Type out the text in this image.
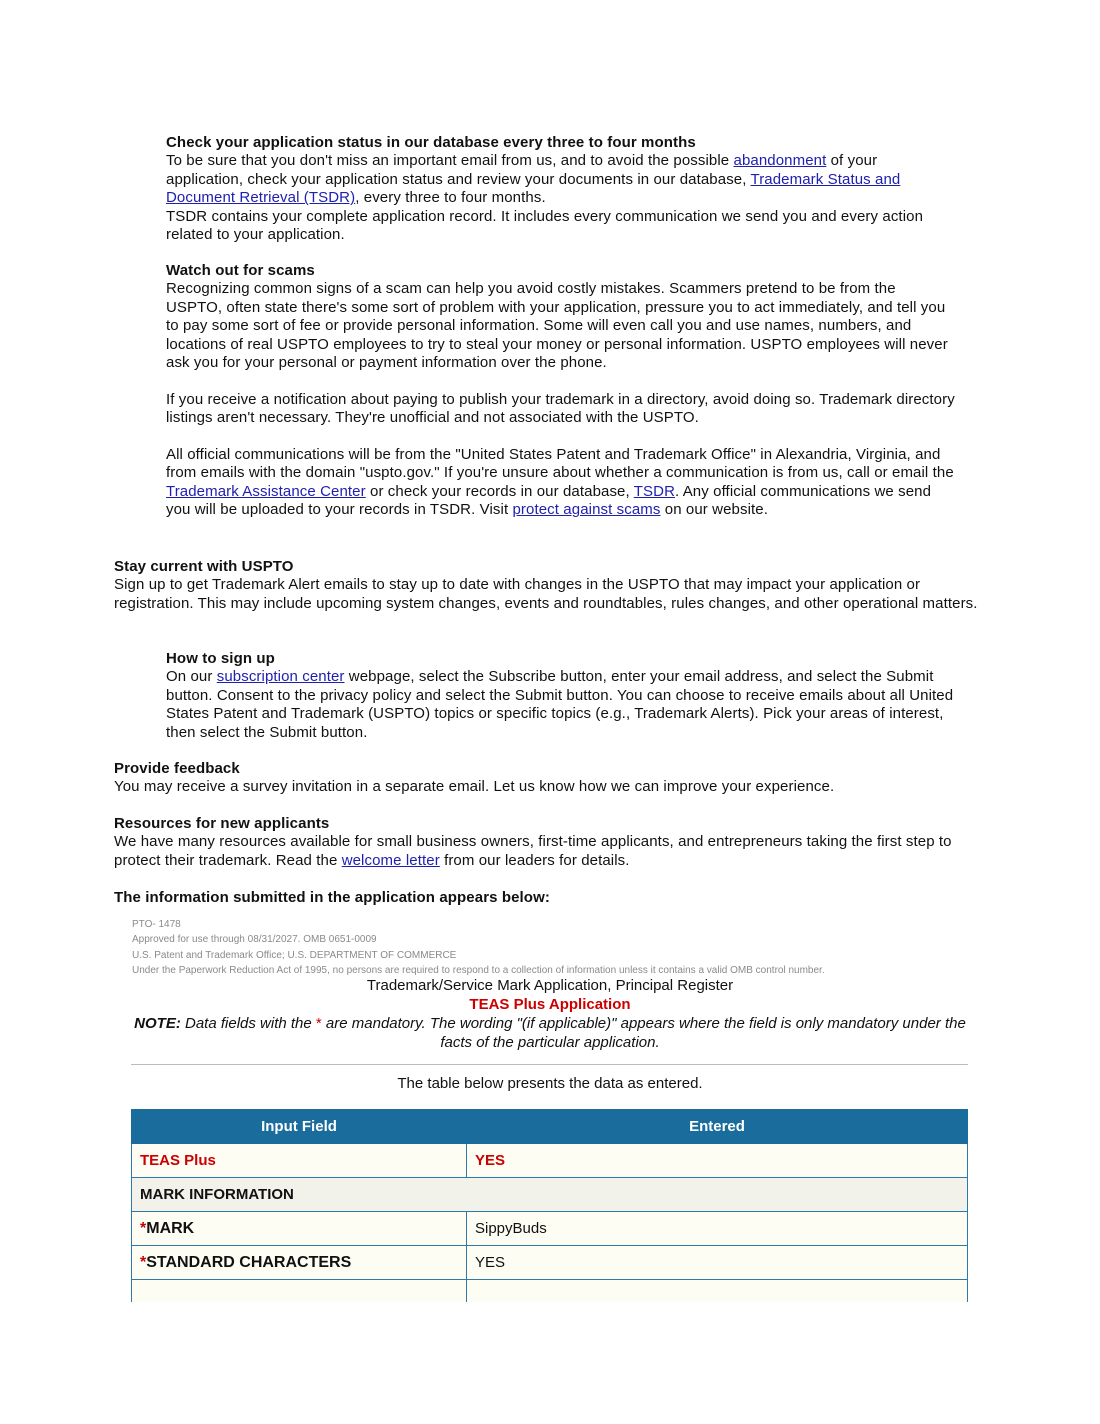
Check your application status in our database every three to four months

To be sure that you don't miss an important email from us, and to avoid the possible abandonment of your application, check your application status and review your documents in our database, Trademark Status and Document Retrieval (TSDR), every three to four months.

TSDR contains your complete application record. It includes every communication we send you and every action related to your application.

Watch out for scams

Recognizing common signs of a scam can help you avoid costly mistakes. Scammers pretend to be from the USPTO, often state there's some sort of problem with your application, pressure you to act immediately, and tell you to pay some sort of fee or provide personal information. Some will even call you and use names, numbers, and locations of real USPTO employees to try to steal your money or personal information. USPTO employees will never ask you for your personal or payment information over the phone.

If you receive a notification about paying to publish your trademark in a directory, avoid doing so. Trademark directory listings aren't necessary. They're unofficial and not associated with the USPTO.

All official communications will be from the "United States Patent and Trademark Office" in Alexandria, Virginia, and from emails with the domain "uspto.gov." If you're unsure about whether a communication is from us, call or email the Trademark Assistance Center or check your records in our database, TSDR. Any official communications we send you will be uploaded to your records in TSDR. Visit protect against scams on our website.

Stay current with USPTO

Sign up to get Trademark Alert emails to stay up to date with changes in the USPTO that may impact your application or registration. This may include upcoming system changes, events and roundtables, rules changes, and other operational matters.

How to sign up

On our subscription center webpage, select the Subscribe button, enter your email address, and select the Submit button. Consent to the privacy policy and select the Submit button. You can choose to receive emails about all United States Patent and Trademark (USPTO) topics or specific topics (e.g., Trademark Alerts). Pick your areas of interest, then select the Submit button.

Provide feedback

You may receive a survey invitation in a separate email. Let us know how we can improve your experience.

Resources for new applicants

We have many resources available for small business owners, first-time applicants, and entrepreneurs taking the first step to protect their trademark. Read the welcome letter from our leaders for details.

The information submitted in the application appears below:
PTO- 1478
Approved for use through 08/31/2027. OMB 0651-0009
U.S. Patent and Trademark Office; U.S. DEPARTMENT OF COMMERCE
Under the Paperwork Reduction Act of 1995, no persons are required to respond to a collection of information unless it contains a valid OMB control number.
Trademark/Service Mark Application, Principal Register
TEAS Plus Application
NOTE: Data fields with the * are mandatory. The wording "(if applicable)" appears where the field is only mandatory under the facts of the particular application.
The table below presents the data as entered.
Input Field	Entered
TEAS Plus	YES
MARK INFORMATION	
*MARK	SippyBuds
*STANDARD CHARACTERS	YES
